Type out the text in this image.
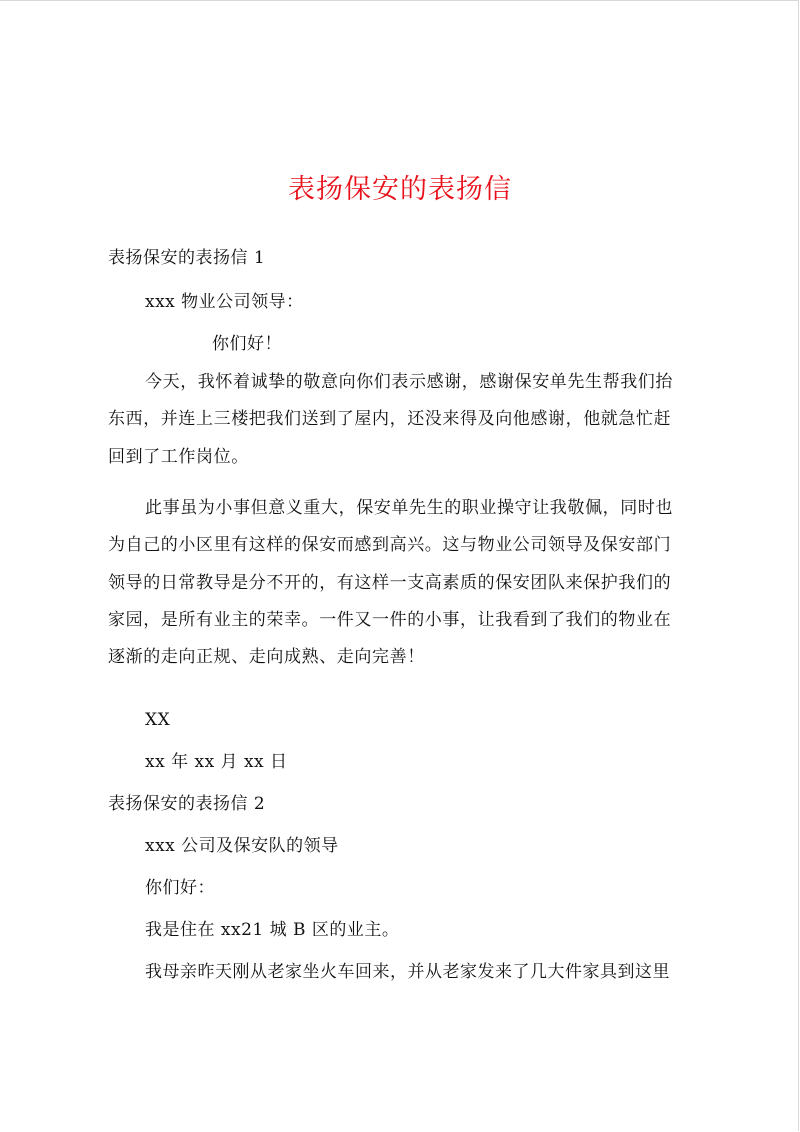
表扬保安的表扬信
表扬保安的表扬信 1
xxx 物业公司领导：
你们好！
今天，我怀着诚挚的敬意向你们表示感谢，感谢保安单先生帮我们抬
东西，并连上三楼把我们送到了屋内，还没来得及向他感谢，他就急忙赶
回到了工作岗位。
此事虽为小事但意义重大，保安单先生的职业操守让我敬佩，同时也
为自己的小区里有这样的保安而感到高兴。这与物业公司领导及保安部门
领导的日常教导是分不开的，有这样一支高素质的保安团队来保护我们的
家园，是所有业主的荣幸。一件又一件的小事，让我看到了我们的物业在
逐渐的走向正规、走向成熟、走向完善！
XX
xx 年 xx 月 xx 日
表扬保安的表扬信 2
xxx 公司及保安队的领导
你们好：
我是住在 xx21 城 B 区的业主。
我母亲昨天刚从老家坐火车回来，并从老家发来了几大件家具到这里
